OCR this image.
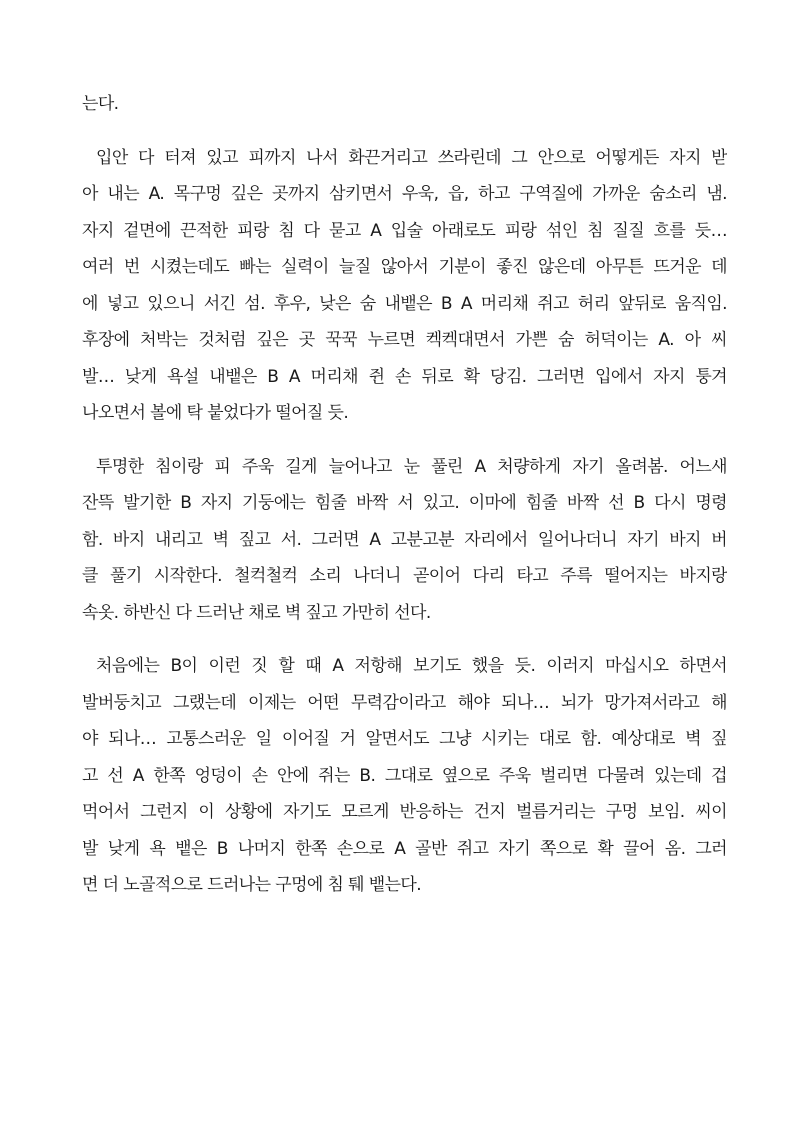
는다.
입안 다 터져 있고 피까지 나서 화끈거리고 쓰라린데 그 안으로 어떻게든 자지 받
아 내는 A. 목구멍 깊은 곳까지 삼키면서 우욱, 읍, 하고 구역질에 가까운 숨소리 냄.
자지 겉면에 끈적한 피랑 침 다 묻고 A 입술 아래로도 피랑 섞인 침 질질 흐를 듯…
여러 번 시켰는데도 빠는 실력이 늘질 않아서 기분이 좋진 않은데 아무튼 뜨거운 데
에 넣고 있으니 서긴 섬. 후우, 낮은 숨 내뱉은 B A 머리채 쥐고 허리 앞뒤로 움직임.
후장에 처박는 것처럼 깊은 곳 꾹꾹 누르면 켁켁대면서 가쁜 숨 허덕이는 A. 아 씨
발… 낮게 욕설 내뱉은 B A 머리채 쥔 손 뒤로 확 당김. 그러면 입에서 자지 퉁겨
나오면서 볼에 탁 붙었다가 떨어질 듯.
투명한 침이랑 피 주욱 길게 늘어나고 눈 풀린 A 처량하게 자기 올려봄. 어느새
잔뜩 발기한 B 자지 기둥에는 힘줄 바짝 서 있고. 이마에 힘줄 바짝 선 B 다시 명령
함. 바지 내리고 벽 짚고 서. 그러면 A 고분고분 자리에서 일어나더니 자기 바지 버
클 풀기 시작한다. 철컥철컥 소리 나더니 곧이어 다리 타고 주륵 떨어지는 바지랑
속옷. 하반신 다 드러난 채로 벽 짚고 가만히 선다.
처음에는 B이 이런 짓 할 때 A 저항해 보기도 했을 듯. 이러지 마십시오 하면서
발버둥치고 그랬는데 이제는 어떤 무력감이라고 해야 되나… 뇌가 망가져서라고 해
야 되나… 고통스러운 일 이어질 거 알면서도 그냥 시키는 대로 함. 예상대로 벽 짚
고 선 A 한쪽 엉덩이 손 안에 쥐는 B. 그대로 옆으로 주욱 벌리면 다물려 있는데 겁
먹어서 그런지 이 상황에 자기도 모르게 반응하는 건지 벌름거리는 구멍 보임. 씨이
발 낮게 욕 뱉은 B 나머지 한쪽 손으로 A 골반 쥐고 자기 쪽으로 확 끌어 옴. 그러
면 더 노골적으로 드러나는 구멍에 침 퉤 뱉는다.
